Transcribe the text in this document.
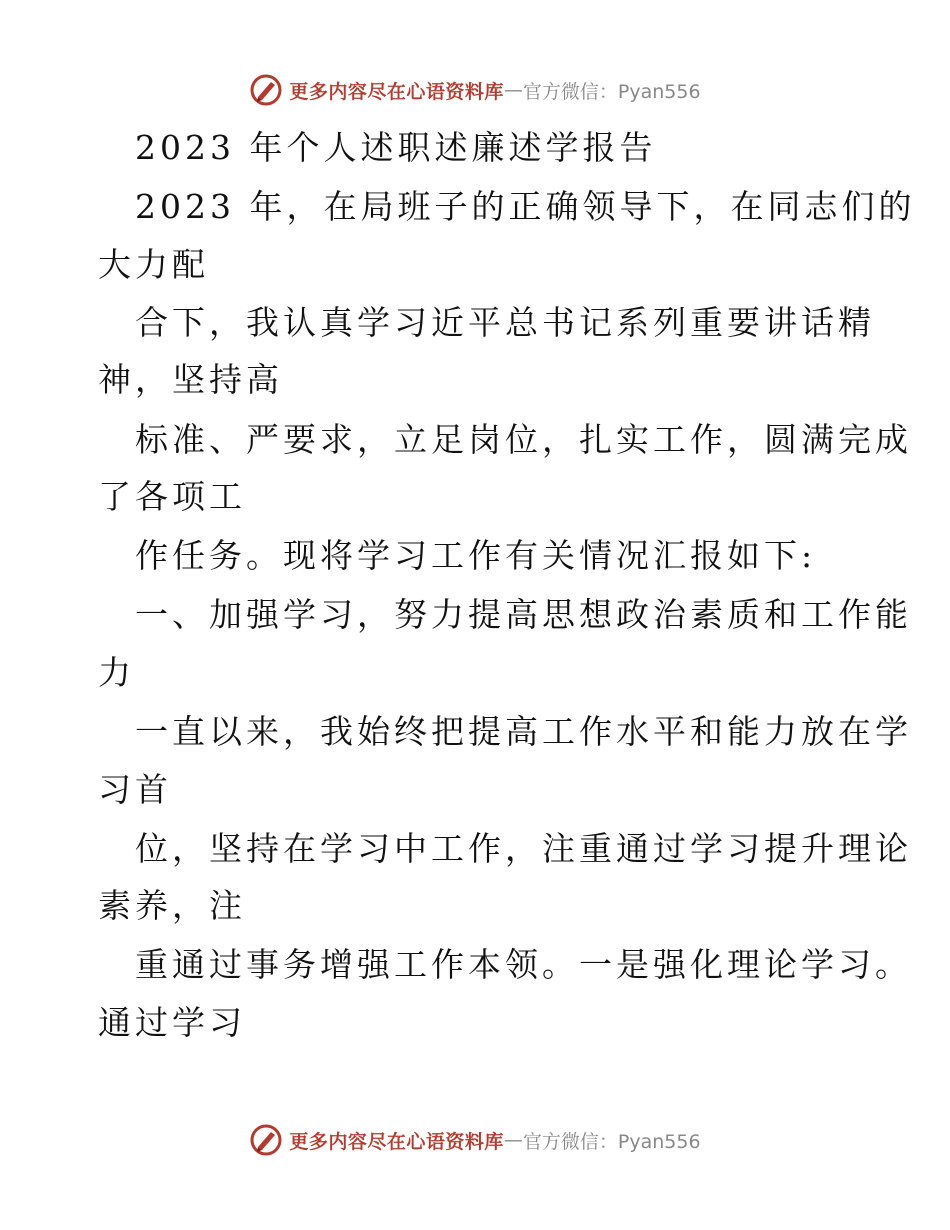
更多内容尽在心语资料库 — 官方微信：Pyan556
2023 年个人述职述廉述学报告
2023 年，在局班子的正确领导下，在同志们的
大力配
合下，我认真学习近平总书记系列重要讲话精
神，坚持高
标准、严要求，立足岗位，扎实工作，圆满完成
了各项工
作任务。现将学习工作有关情况汇报如下:
一、加强学习，努力提高思想政治素质和工作能
力
一直以来，我始终把提高工作水平和能力放在学
习首
位，坚持在学习中工作，注重通过学习提升理论
素养，注
重通过事务增强工作本领。一是强化理论学习。
通过学习
更多内容尽在心语资料库 — 官方微信：Pyan556
